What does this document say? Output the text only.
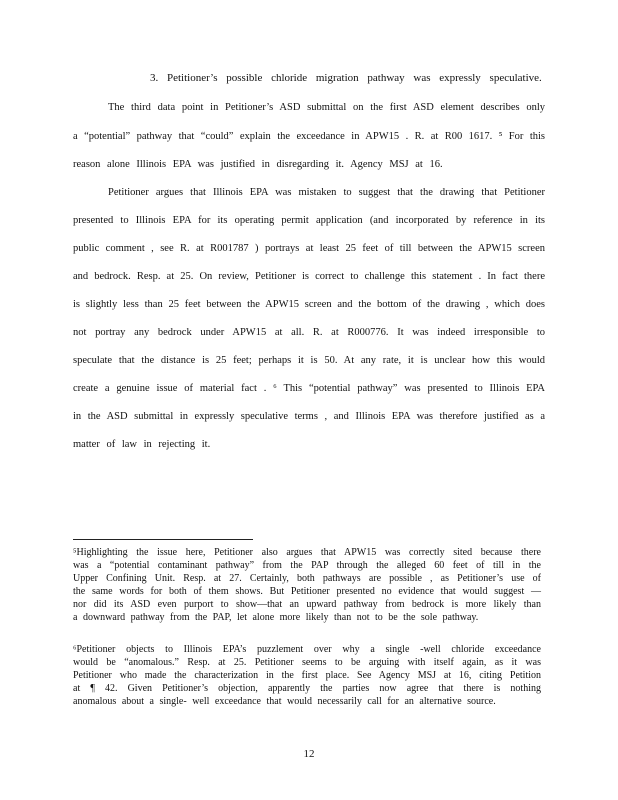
3. Petitioner’s possible chloride migration pathway was expressly speculative.
The third data point in Petitioner’s ASD submittal on the first ASD element describes only
a “potential” pathway that “could” explain the exceedance in APW15 . R. at R00 1617. ⁵ For this
reason alone Illinois EPA was justified in disregarding it. Agency MSJ at 16.
Petitioner argues that Illinois EPA was mistaken to suggest that the drawing that Petitioner
presented to Illinois EPA for its operating permit application (and incorporated by reference in its
public comment , see R. at R001787 ) portrays at least 25 feet of till between the APW15 screen
and bedrock. Resp. at 25. On review, Petitioner is correct to challenge this statement . In fact there
is slightly less than 25 feet between the APW15 screen and the bottom of the drawing , which does
not portray any bedrock under APW15 at all. R. at R000776. It was indeed irresponsible to
speculate that the distance is 25 feet; perhaps it is 50. At any rate, it is unclear how this would
create a genuine issue of material fact . ⁶ This “potential pathway” was presented to Illinois EPA
in the ASD submittal in expressly speculative terms , and Illinois EPA was therefore justified as a
matter of law in rejecting it.
⁵Highlighting the issue here, Petitioner also argues that APW15 was correctly sited because there
was a “potential contaminant pathway” from the PAP through the alleged 60 feet of till in the
Upper Confining Unit. Resp. at 27. Certainly, both pathways are possible , as Petitioner’s use of
the same words for both of them shows. But Petitioner presented no evidence that would suggest —
nor did its ASD even purport to show—that an upward pathway from bedrock is more likely than
a downward pathway from the PAP, let alone more likely than not to be the sole pathway.
⁶Petitioner objects to Illinois EPA’s puzzlement over why a single -well chloride exceedance
would be “anomalous.” Resp. at 25. Petitioner seems to be arguing with itself again, as it was
Petitioner who made the characterization in the first place. See Agency MSJ at 16, citing Petition
at ¶ 42. Given Petitioner’s objection, apparently the parties now agree that there is nothing
anomalous about a single- well exceedance that would necessarily call for an alternative source.
12
